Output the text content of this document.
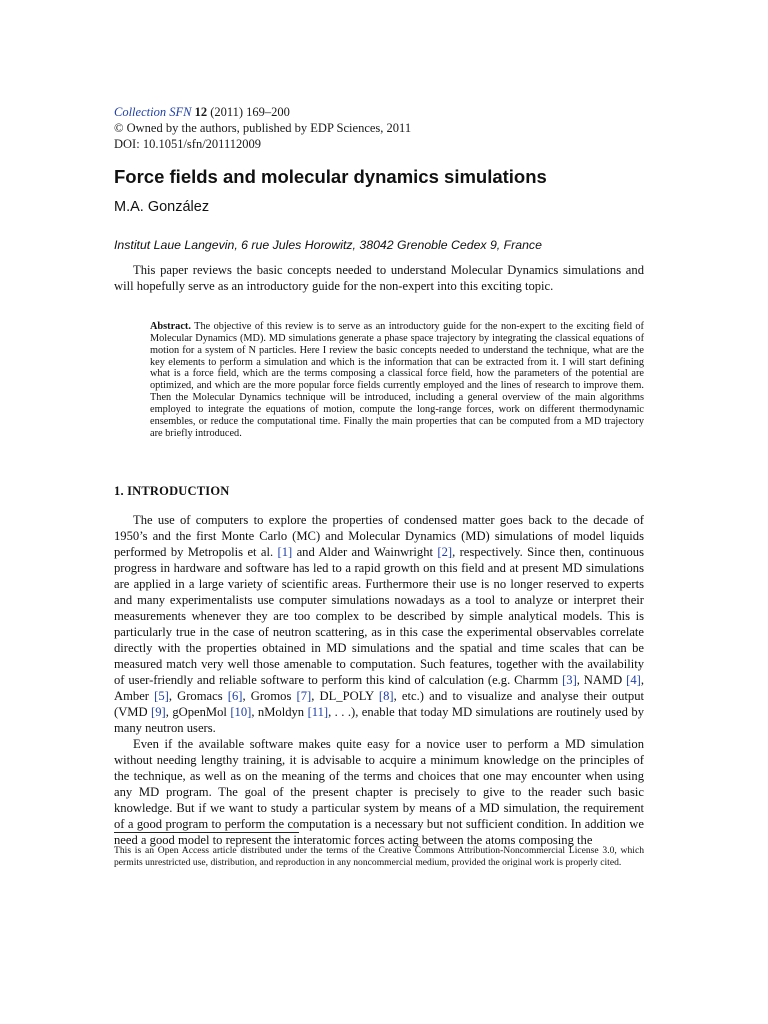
Collection SFN 12 (2011) 169–200
© Owned by the authors, published by EDP Sciences, 2011
DOI: 10.1051/sfn/201112009
Force fields and molecular dynamics simulations
M.A. González
Institut Laue Langevin, 6 rue Jules Horowitz, 38042 Grenoble Cedex 9, France

This paper reviews the basic concepts needed to understand Molecular Dynamics simulations and will hopefully serve as an introductory guide for the non-expert into this exciting topic.

Abstract. The objective of this review is to serve as an introductory guide for the non-expert to the exciting field of Molecular Dynamics (MD). MD simulations generate a phase space trajectory by integrating the classical equations of motion for a system of N particles. Here I review the basic concepts needed to understand the technique, what are the key elements to perform a simulation and which is the information that can be extracted from it. I will start defining what is a force field, which are the terms composing a classical force field, how the parameters of the potential are optimized, and which are the more popular force fields currently employed and the lines of research to improve them. Then the Molecular Dynamics technique will be introduced, including a general overview of the main algorithms employed to integrate the equations of motion, compute the long-range forces, work on different thermodynamic ensembles, or reduce the computational time. Finally the main properties that can be computed from a MD trajectory are briefly introduced.

1. INTRODUCTION

The use of computers to explore the properties of condensed matter goes back to the decade of 1950’s and the first Monte Carlo (MC) and Molecular Dynamics (MD) simulations of model liquids performed by Metropolis et al. [1] and Alder and Wainwright [2], respectively. Since then, continuous progress in hardware and software has led to a rapid growth on this field and at present MD simulations are applied in a large variety of scientific areas. Furthermore their use is no longer reserved to experts and many experimentalists use computer simulations nowadays as a tool to analyze or interpret their measurements whenever they are too complex to be described by simple analytical models. This is particularly true in the case of neutron scattering, as in this case the experimental observables correlate directly with the properties obtained in MD simulations and the spatial and time scales that can be measured match very well those amenable to computation. Such features, together with the availability of user-friendly and reliable software to perform this kind of calculation (e.g. Charmm [3], NAMD [4], Amber [5], Gromacs [6], Gromos [7], DL_POLY [8], etc.) and to visualize and analyse their output (VMD [9], gOpenMol [10], nMoldyn [11], . . .), enable that today MD simulations are routinely used by many neutron users.

Even if the available software makes quite easy for a novice user to perform a MD simulation without needing lengthy training, it is advisable to acquire a minimum knowledge on the principles of the technique, as well as on the meaning of the terms and choices that one may encounter when using any MD program. The goal of the present chapter is precisely to give to the reader such basic knowledge. But if we want to study a particular system by means of a MD simulation, the requirement of a good program to perform the computation is a necessary but not sufficient condition. In addition we need a good model to represent the interatomic forces acting between the atoms composing the

This is an Open Access article distributed under the terms of the Creative Commons Attribution-Noncommercial License 3.0, which permits unrestricted use, distribution, and reproduction in any noncommercial medium, provided the original work is properly cited.
